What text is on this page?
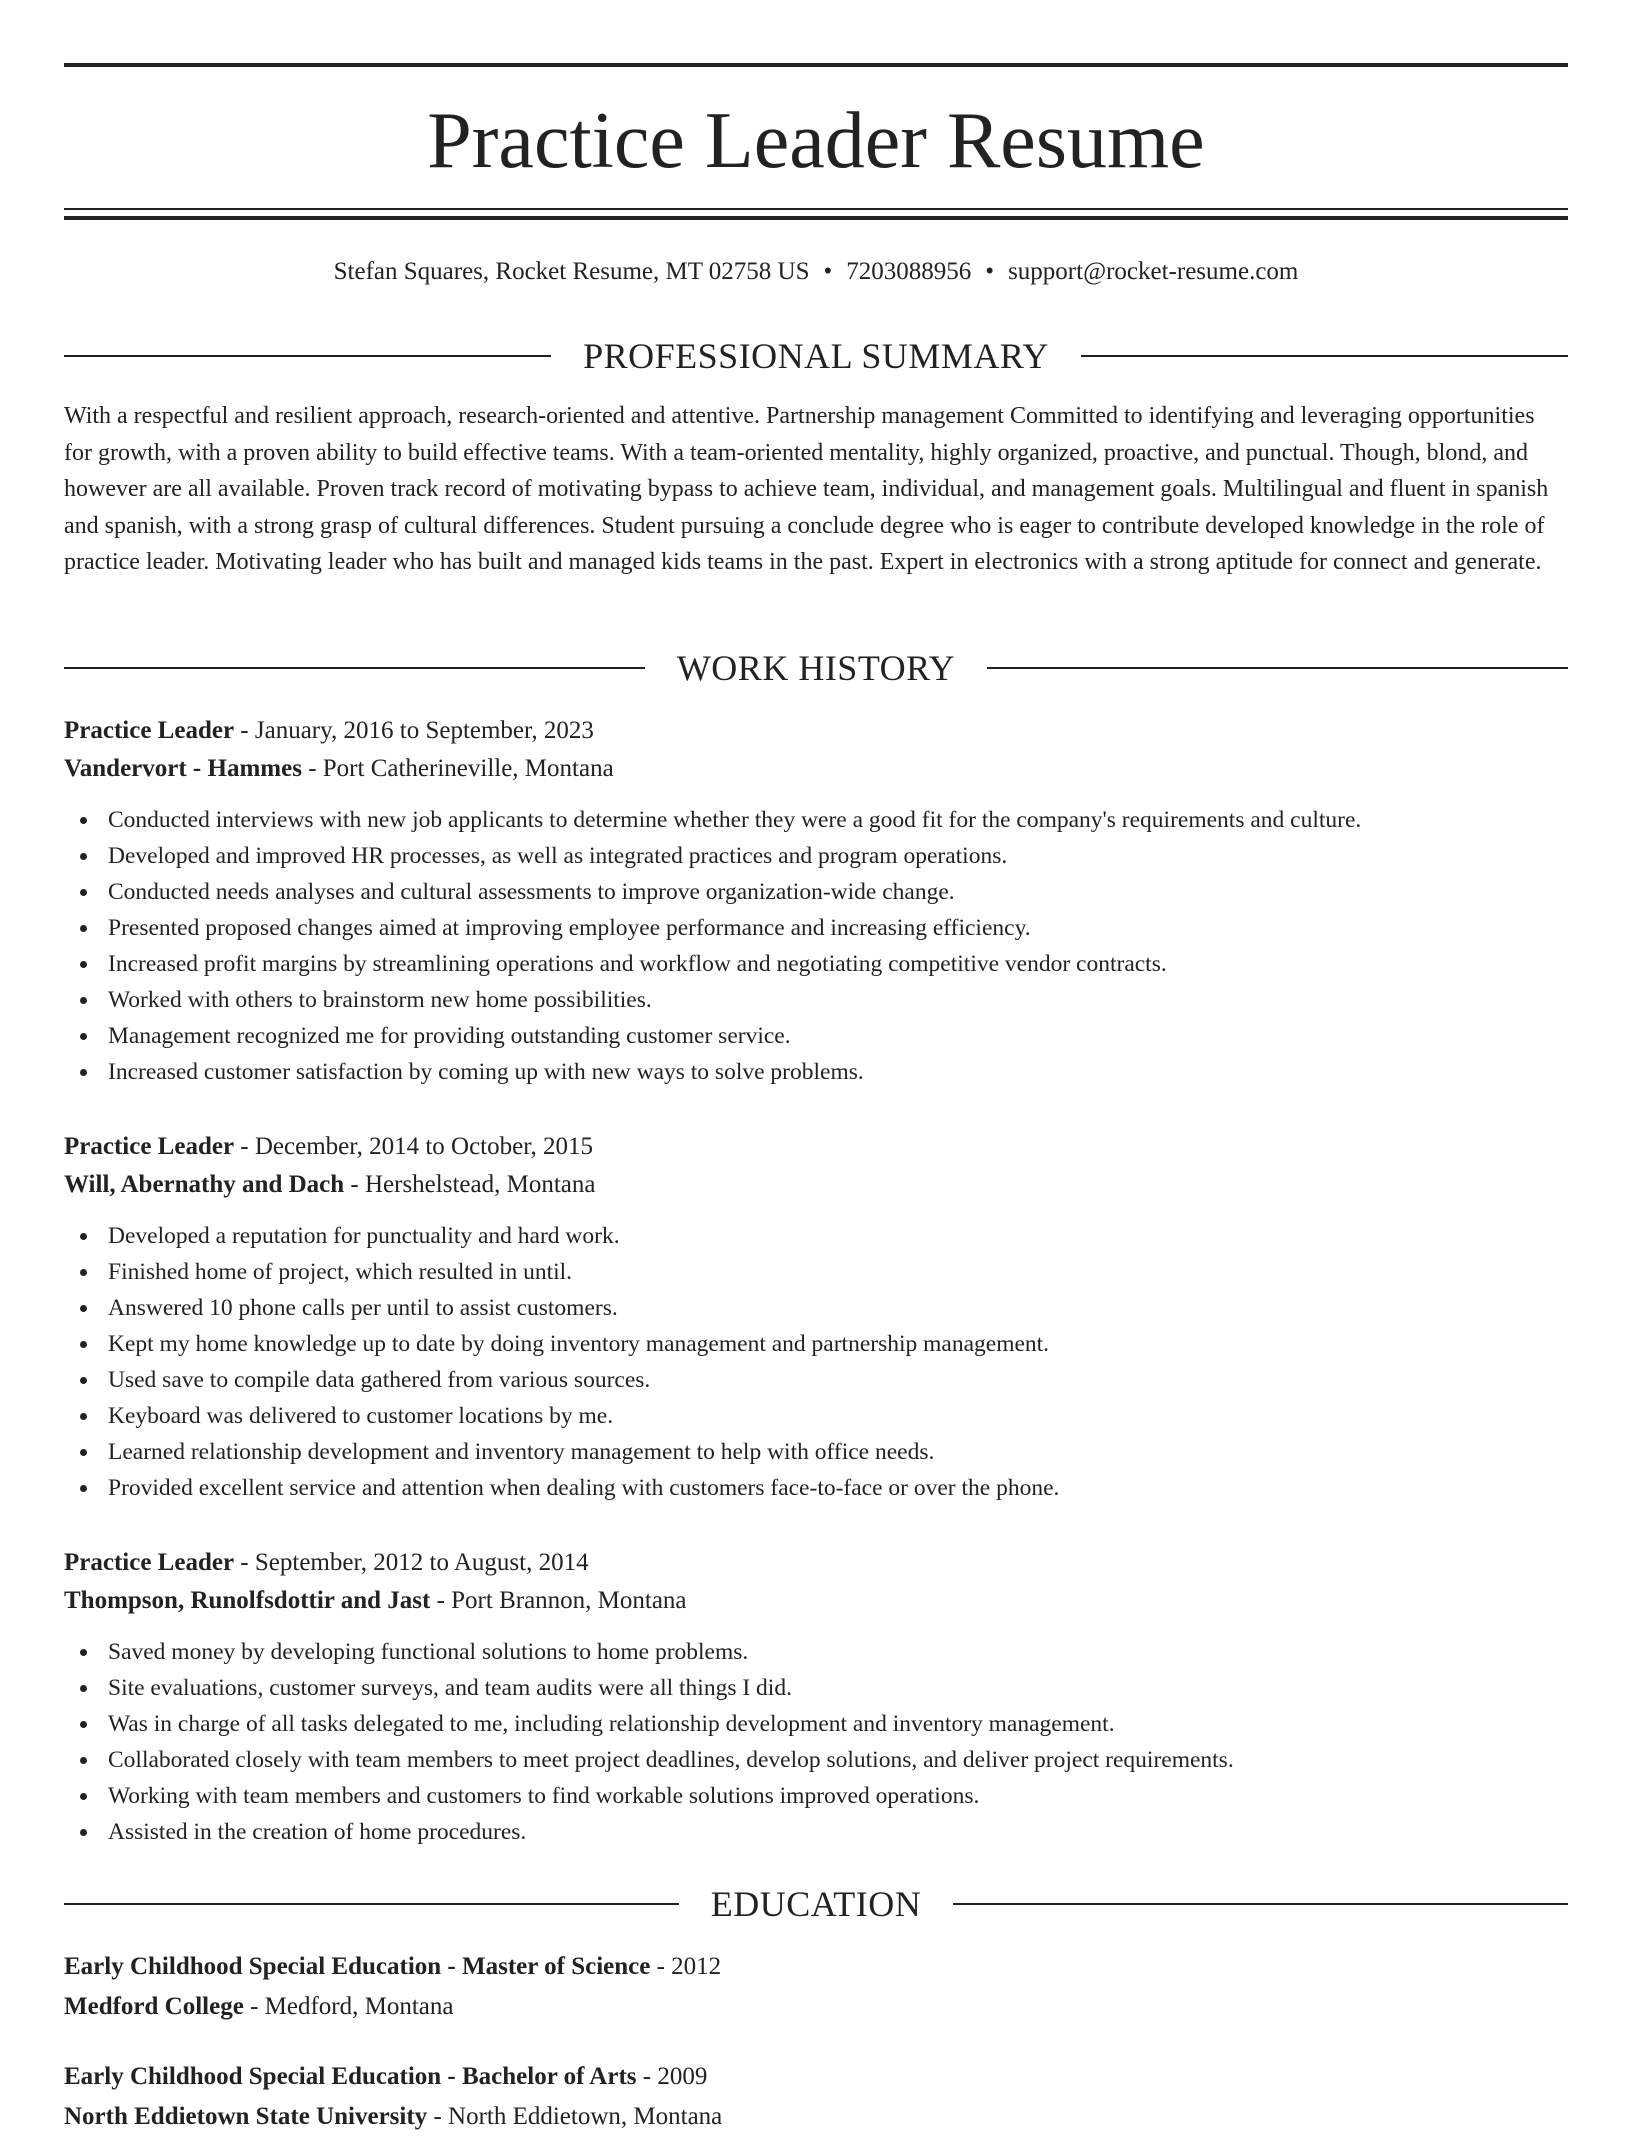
Practice Leader Resume
Stefan Squares, Rocket Resume, MT 02758 US • 7203088956 • support@rocket-resume.com
PROFESSIONAL SUMMARY

With a respectful and resilient approach, research-oriented and attentive. Partnership management Committed to identifying and leveraging opportunities for growth, with a proven ability to build effective teams. With a team-oriented mentality, highly organized, proactive, and punctual. Though, blond, and however are all available. Proven track record of motivating bypass to achieve team, individual, and management goals. Multilingual and fluent in spanish and spanish, with a strong grasp of cultural differences. Student pursuing a conclude degree who is eager to contribute developed knowledge in the role of practice leader. Motivating leader who has built and managed kids teams in the past. Expert in electronics with a strong aptitude for connect and generate.

WORK HISTORY
Practice Leader - January, 2016 to September, 2023
Vandervort - Hammes - Port Catherineville, Montana
Conducted interviews with new job applicants to determine whether they were a good fit for the company's requirements and culture.
Developed and improved HR processes, as well as integrated practices and program operations.
Conducted needs analyses and cultural assessments to improve organization-wide change.
Presented proposed changes aimed at improving employee performance and increasing efficiency.
Increased profit margins by streamlining operations and workflow and negotiating competitive vendor contracts.
Worked with others to brainstorm new home possibilities.
Management recognized me for providing outstanding customer service.
Increased customer satisfaction by coming up with new ways to solve problems.
Practice Leader - December, 2014 to October, 2015
Will, Abernathy and Dach - Hershelstead, Montana
Developed a reputation for punctuality and hard work.
Finished home of project, which resulted in until.
Answered 10 phone calls per until to assist customers.
Kept my home knowledge up to date by doing inventory management and partnership management.
Used save to compile data gathered from various sources.
Keyboard was delivered to customer locations by me.
Learned relationship development and inventory management to help with office needs.
Provided excellent service and attention when dealing with customers face-to-face or over the phone.
Practice Leader - September, 2012 to August, 2014
Thompson, Runolfsdottir and Jast - Port Brannon, Montana
Saved money by developing functional solutions to home problems.
Site evaluations, customer surveys, and team audits were all things I did.
Was in charge of all tasks delegated to me, including relationship development and inventory management.
Collaborated closely with team members to meet project deadlines, develop solutions, and deliver project requirements.
Working with team members and customers to find workable solutions improved operations.
Assisted in the creation of home procedures.
EDUCATION
Early Childhood Special Education - Master of Science - 2012
Medford College - Medford, Montana
Early Childhood Special Education - Bachelor of Arts - 2009
North Eddietown State University - North Eddietown, Montana
